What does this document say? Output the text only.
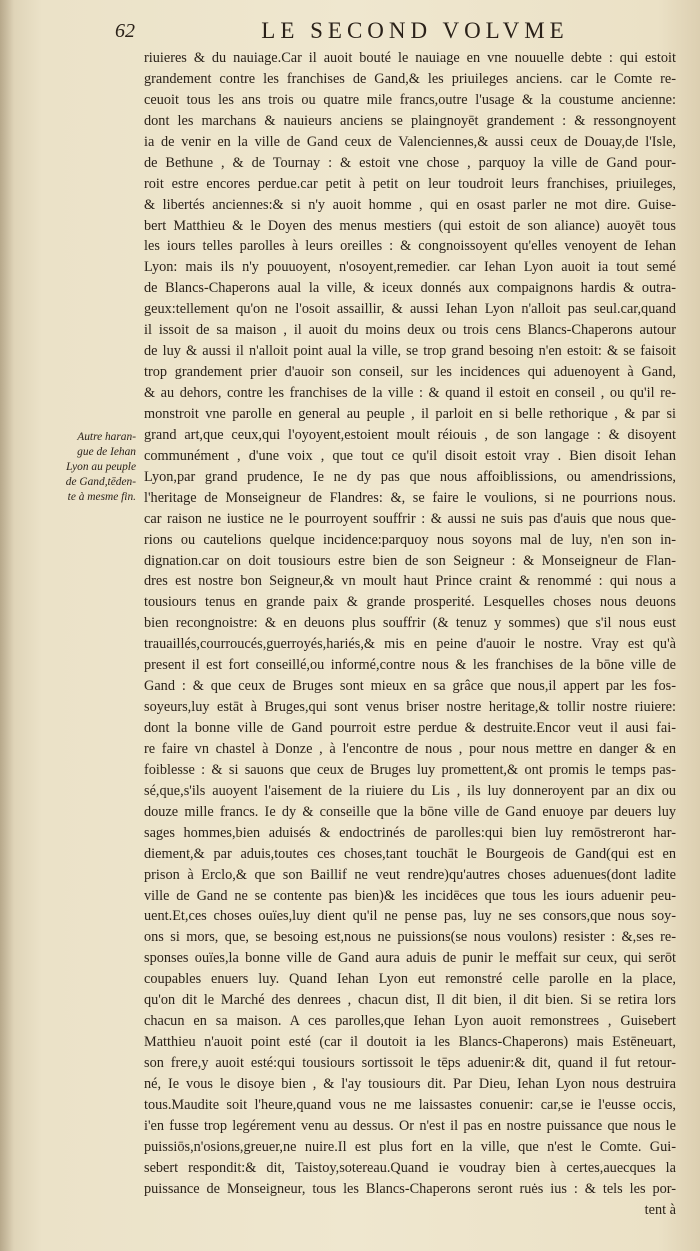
62	LE SECOND VOLVME
Autre haran-
gue de Iehan
Lyon au peuple
de Gand,tēden-
te à mesme fin.
riuieres & du nauiage.Car il auoit bouté le nauiage en vne nouuelle debte : qui estoit
grandement contre les franchises de Gand,& les priuileges anciens. car le Comte re-
ceuoit tous les ans trois ou quatre mile francs,outre l'usage & la coustume ancienne:
dont les marchans & nauieurs anciens se plaingnoyēt grandement : & ressongnoyent
ia de venir en la ville de Gand ceux de Valenciennes,& aussi ceux de Douay,de l'Isle,
de Bethune , & de Tournay : & estoit vne chose , parquoy la ville de Gand pour-
roit estre encores perdue.car petit à petit on leur toudroit leurs franchises, priuileges,
& libertés anciennes:& si n'y auoit homme , qui en osast parler ne mot dire. Guise-
bert Matthieu & le Doyen des menus mestiers (qui estoit de son aliance) auoyēt tous
les iours telles parolles à leurs oreilles : & congnoissoyent qu'elles venoyent de Iehan
Lyon: mais ils n'y pouuoyent, n'osoyent,remedier. car Iehan Lyon auoit ia tout semé
de Blancs-Chaperons aual la ville, & iceux donnés aux compaignons hardis & outra-
geux:tellement qu'on ne l'osoit assaillir, & aussi Iehan Lyon n'alloit pas seul.car,quand
il issoit de sa maison , il auoit du moins deux ou trois cens Blancs-Chaperons autour
de luy & aussi il n'alloit point aual la ville, se trop grand besoing n'en estoit: & se faisoit
trop grandement prier d'auoir son conseil, sur les incidences qui aduenoyent à Gand,
& au dehors, contre les franchises de la ville : & quand il estoit en conseil , ou qu'il re-
monstroit vne parolle en general au peuple , il parloit en si belle rethorique , & par si
grand art,que ceux,qui l'oyoyent,estoient moult réiouis , de son langage : & disoyent
communément , d'une voix , que tout ce qu'il disoit estoit vray . Bien disoit Iehan
Lyon,par grand prudence, Ie ne dy pas que nous affoiblissions, ou amendrissions,
l'heritage de Monseigneur de Flandres: &, se faire le voulions, si ne pourrions nous.
car raison ne iustice ne le pourroyent souffrir : & aussi ne suis pas d'auis que nous que-
rions ou cautelions quelque incidence:parquoy nous soyons mal de luy, n'en son in-
dignation.car on doit tousiours estre bien de son Seigneur : & Monseigneur de Flan-
dres est nostre bon Seigneur,& vn moult haut Prince craint & renommé : qui nous a
tousiours tenus en grande paix & grande prosperité. Lesquelles choses nous deuons
bien recongnoistre: & en deuons plus souffrir (& tenuz y sommes) que s'il nous eust
trauaillés,courroucés,guerroyés,hariés,& mis en peine d'auoir le nostre. Vray est qu'à
present il est fort conseillé,ou informé,contre nous & les franchises de la bōne ville de
Gand : & que ceux de Bruges sont mieux en sa grâce que nous,il appert par les fos-
soyeurs,luy estāt à Bruges,qui sont venus briser nostre heritage,& tollir nostre riuiere:
dont la bonne ville de Gand pourroit estre perdue & destruite.Encor veut il ausi fai-
re faire vn chastel à Donze , à l'encontre de nous , pour nous mettre en danger & en
foiblesse : & si sauons que ceux de Bruges luy promettent,& ont promis le temps pas-
sé,que,s'ils auoyent l'aisement de la riuiere du Lis , ils luy donneroyent par an dix ou
douze mille francs. Ie dy & conseille que la bōne ville de Gand enuoye par deuers luy
sages hommes,bien aduisés & endoctrinés de parolles:qui bien luy remōstreront har-
diement,& par aduis,toutes ces choses,tant touchāt le Bourgeois de Gand(qui est en
prison à Erclo,& que son Baillif ne veut rendre)qu'autres choses aduenues(dont ladite
ville de Gand ne se contente pas bien)& les incidēces que tous les iours aduenir peu-
uent.Et,ces choses ouïes,luy dient qu'il ne pense pas, luy ne ses consors,que nous soy-
ons si mors, que, se besoing est,nous ne puissions(se nous voulons) resister : &,ses re-
sponses ouïes,la bonne ville de Gand aura aduis de punir le meffait sur ceux, qui serōt
coupables enuers luy. Quand Iehan Lyon eut remonstré celle parolle en la place,
qu'on dit le Marché des denrees , chacun dist, Il dit bien, il dit bien. Si se retira lors
chacun en sa maison. A ces parolles,que Iehan Lyon auoit remonstrees , Guisebert
Matthieu n'auoit point esté (car il doutoit ia les Blancs-Chaperons) mais Estēneuart,
son frere,y auoit esté:qui tousiours sortissoit le tēps aduenir:& dit, quand il fut retour-
né, Ie vous le disoye bien , & l'ay tousiours dit. Par Dieu, Iehan Lyon nous destruira
tous.Maudite soit l'heure,quand vous ne me laissastes conuenir: car,se ie l'eusse occis,
i'en fusse trop legérement venu au dessus. Or n'est il pas en nostre puissance que nous le
puissiōs,n'osions,greuer,ne nuire.Il est plus fort en la ville, que n'est le Comte. Gui-
sebert respondit:& dit, Taistoy,sotereau.Quand ie voudray bien à certes,auecques la
puissance de Monseigneur, tous les Blancs-Chaperons seront ruės ius : & tels les por-
tent à
